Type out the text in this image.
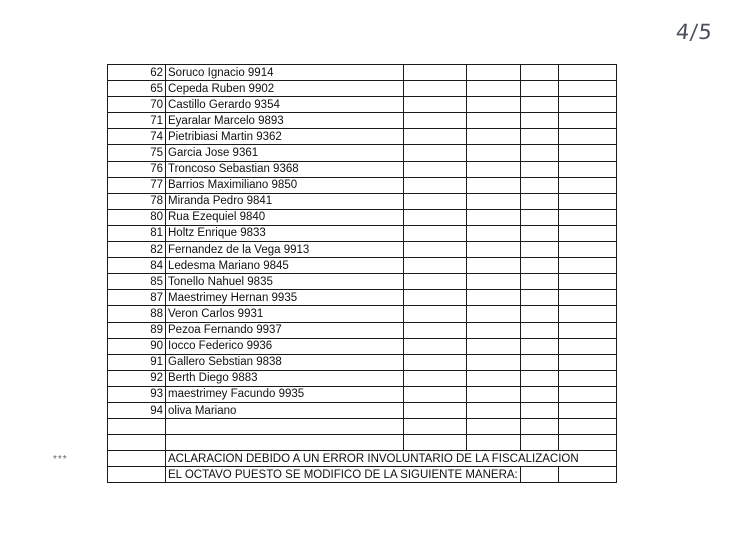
4/5
***
62	Soruco Ignacio 9914				
65	Cepeda Ruben 9902				
70	Castillo Gerardo 9354				
71	Eyaralar Marcelo 9893				
74	Pietribiasi Martin 9362				
75	Garcia Jose 9361				
76	Troncoso Sebastian 9368				
77	Barrios Maximiliano 9850				
78	Miranda Pedro 9841				
80	Rua Ezequiel 9840				
81	Holtz Enrique 9833				
82	Fernandez de la Vega 9913				
84	Ledesma Mariano 9845				
85	Tonello Nahuel 9835				
87	Maestrimey Hernan 9935				
88	Veron Carlos 9931				
89	Pezoa Fernando 9937				
90	Iocco Federico 9936				
91	Gallero Sebstian 9838				
92	Berth Diego 9883				
93	maestrimey Facundo 9935				
94	oliva Mariano				

	ACLARACION DEBIDO A UN ERROR INVOLUNTARIO DE LA FISCALIZACION				
	EL OCTAVO PUESTO SE MODIFICO DE LA SIGUIENTE MANERA:				
